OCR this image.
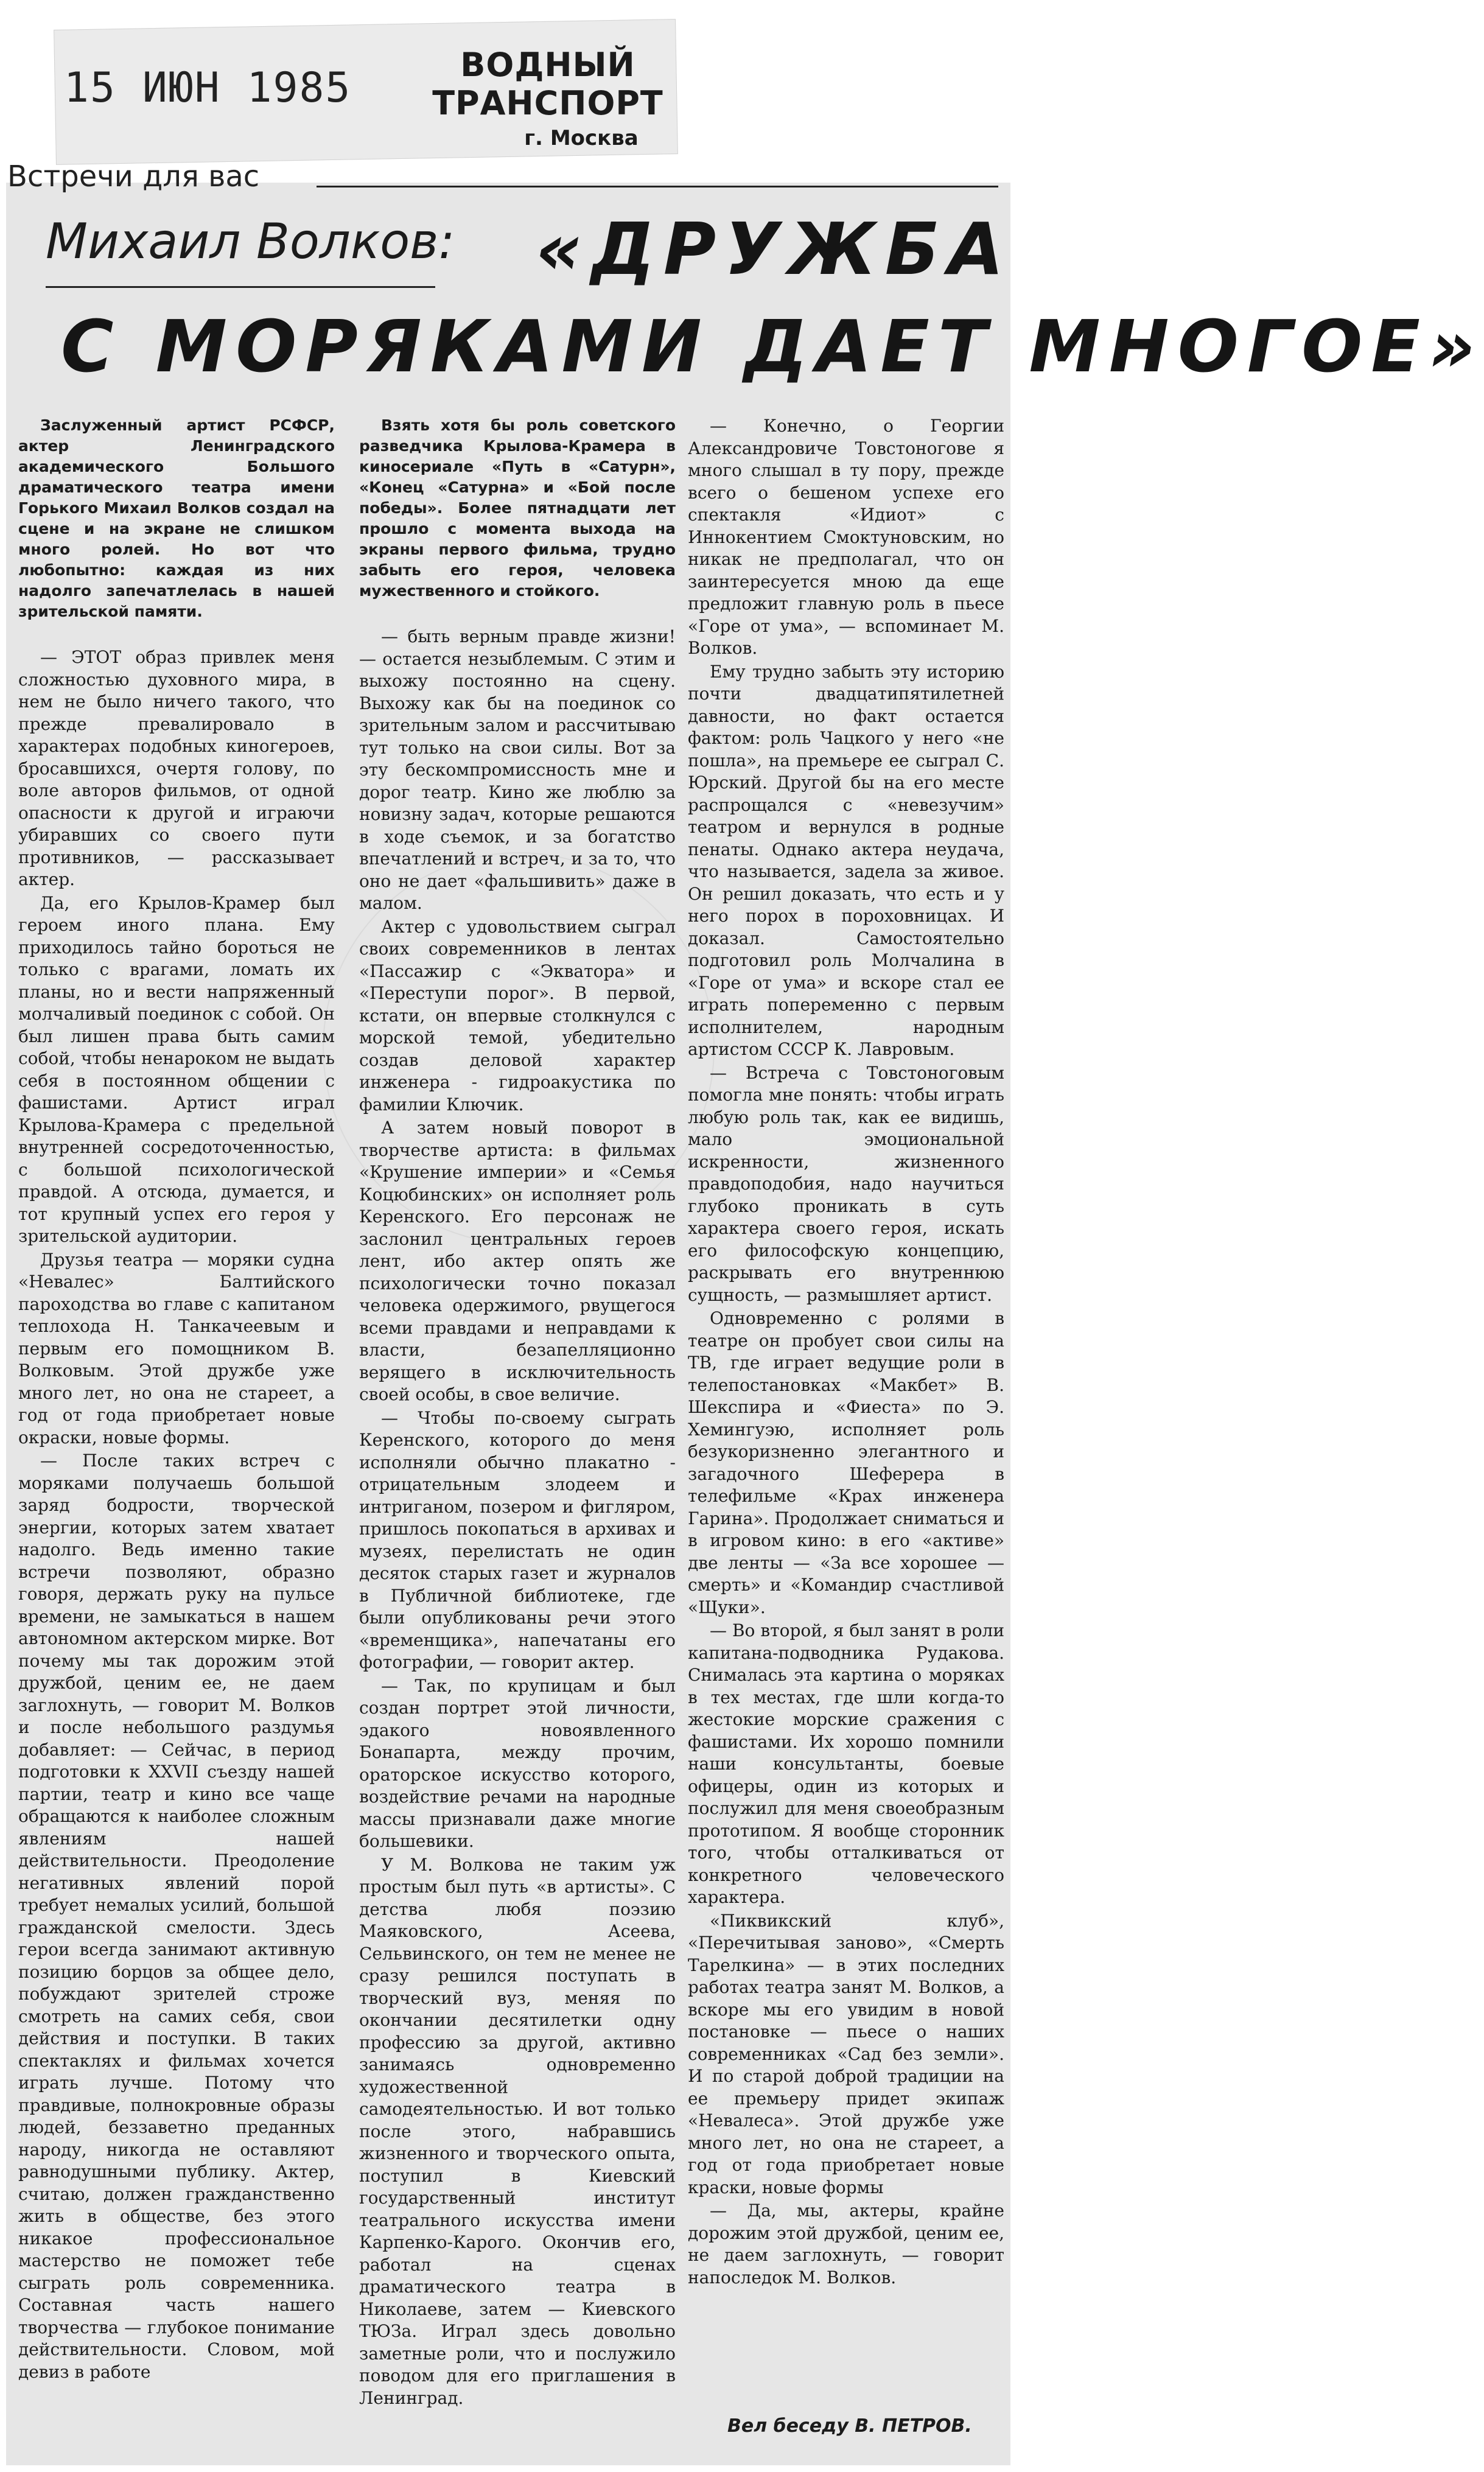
15 ИЮН 1985	ВОДНЫЙ ТРАНСПОРТ
г. Москва
Встречи для вас
Михаил Волков: «ДРУЖБА
С МОРЯКАМИ ДАЕТ МНОГОЕ»

Заслуженный артист РСФСР, актер Ленинградского академического Большого драматического театра имени Горького Михаил Волков создал на сцене и на экране не слишком много ролей. Но вот что любопытно: каждая из них надолго запечатлелась в нашей зрительской памяти.

— ЭТОТ образ привлек меня сложностью духовного мира, в нем не было ничего такого, что прежде превалировало в характерах подобных киногероев, бросавшихся, очертя голову, по воле авторов фильмов, от одной опасности к другой и играючи убиравших со своего пути противников, — рассказывает актер.

Да, его Крылов-Крамер был героем иного плана. Ему приходилось тайно бороться не только с врагами, ломать их планы, но и вести напряженный молчаливый поединок с собой. Он был лишен права быть самим собой, чтобы ненароком не выдать себя в постоянном общении с фашистами. Артист играл Крылова-Крамера с предельной внутренней сосредоточенностью, с большой психологической правдой. А отсюда, думается, и тот крупный успех его героя у зрительской аудитории.

Друзья театра — моряки судна «Невалес» Балтийского пароходства во главе с капитаном теплохода Н. Танкачеевым и первым его помощником В. Волковым. Этой дружбе уже много лет, но она не стареет, а год от года приобретает новые окраски, новые формы.

— После таких встреч с моряками получаешь большой заряд бодрости, творческой энергии, которых затем хватает надолго. Ведь именно такие встречи позволяют, образно говоря, держать руку на пульсе времени, не замыкаться в нашем автономном актерском мирке. Вот почему мы так дорожим этой дружбой, ценим ее, не даем заглохнуть, — говорит М. Волков и после небольшого раздумья добавляет: — Сейчас, в период подготовки к XXVII съезду нашей партии, театр и кино все чаще обращаются к наиболее сложным явлениям нашей действительности. Преодоление негативных явлений порой требует немалых усилий, большой гражданской смелости. Здесь герои всегда занимают активную позицию борцов за общее дело, побуждают зрителей строже смотреть на самих себя, свои действия и поступки. В таких спектаклях и фильмах хочется играть лучше. Потому что правдивые, полнокровные образы людей, беззаветно преданных народу, никогда не оставляют равнодушными публику. Актер, считаю, должен гражданственно жить в обществе, без этого никакое профессиональное мастерство не поможет тебе сыграть роль современника. Составная часть нашего творчества — глубокое понимание действительности. Словом, мой девиз в работе

Взять хотя бы роль советского разведчика Крылова-Крамера в киносериале «Путь в «Сатурн», «Конец «Сатурна» и «Бой после победы». Более пятнадцати лет прошло с момента выхода на экраны первого фильма, трудно забыть его героя, человека мужественного и стойкого.

— быть верным правде жизни! — остается незыблемым. С этим и выхожу постоянно на сцену. Выхожу как бы на поединок со зрительным залом и рассчитываю тут только на свои силы. Вот за эту бескомпромиссность мне и дорог театр. Кино же люблю за новизну задач, которые решаются в ходе съемок, и за богатство впечатлений и встреч, и за то, что оно не дает «фальшивить» даже в малом.

Актер с удовольствием сыграл своих современников в лентах «Пассажир с «Экватора» и «Переступи порог». В первой, кстати, он впервые столкнулся с морской темой, убедительно создав деловой характер инженера - гидроакустика по фамилии Ключик.

А затем новый поворот в творчестве артиста: в фильмах «Крушение империи» и «Семья Коцюбинских» он исполняет роль Керенского. Его персонаж не заслонил центральных героев лент, ибо актер опять же психологически точно показал человека одержимого, рвущегося всеми правдами и неправдами к власти, безапелляционно верящего в исключительность своей особы, в свое величие.

— Чтобы по-своему сыграть Керенского, которого до меня исполняли обычно плакатно - отрицательным злодеем и интриганом, позером и фигляром, пришлось покопаться в архивах и музеях, перелистать не один десяток старых газет и журналов в Публичной библиотеке, где были опубликованы речи этого «временщика», напечатаны его фотографии, — говорит актер.

— Так, по крупицам и был создан портрет этой личности, эдакого новоявленного Бонапарта, между прочим, ораторское искусство которого, воздействие речами на народные массы признавали даже многие большевики.

У М. Волкова не таким уж простым был путь «в артисты». С детства любя поэзию Маяковского, Асеева, Сельвинского, он тем не менее не сразу решился поступать в творческий вуз, меняя по окончании десятилетки одну профессию за другой, активно занимаясь одновременно художественной самодеятельностью. И вот только после этого, набравшись жизненного и творческого опыта, поступил в Киевский государственный институт театрального искусства имени Карпенко-Карого. Окончив его, работал на сценах драматического театра в Николаеве, затем — Киевского ТЮЗа. Играл здесь довольно заметные роли, что и послужило поводом для его приглашения в Ленинград.

— Конечно, о Георгии Александровиче Товстоногове я много слышал в ту пору, прежде всего о бешеном успехе его спектакля «Идиот» с Иннокентием Смоктуновским, но никак не предполагал, что он заинтересуется мною да еще предложит главную роль в пьесе «Горе от ума», — вспоминает М. Волков.

Ему трудно забыть эту историю почти двадцатипятилетней давности, но факт остается фактом: роль Чацкого у него «не пошла», на премьере ее сыграл С. Юрский. Другой бы на его месте распрощался с «невезучим» театром и вернулся в родные пенаты. Однако актера неудача, что называется, задела за живое. Он решил доказать, что есть и у него порох в пороховницах. И доказал. Самостоятельно подготовил роль Молчалина в «Горе от ума» и вскоре стал ее играть попеременно с первым исполнителем, народным артистом СССР К. Лавровым.

— Встреча с Товстоноговым помогла мне понять: чтобы играть любую роль так, как ее видишь, мало эмоциональной искренности, жизненного правдоподобия, надо научиться глубоко проникать в суть характера своего героя, искать его философскую концепцию, раскрывать его внутреннюю сущность, — размышляет артист.

Одновременно с ролями в театре он пробует свои силы на ТВ, где играет ведущие роли в телепостановках «Макбет» В. Шекспира и «Фиеста» по Э. Хемингуэю, исполняет роль безукоризненно элегантного и загадочного Шеферера в телефильме «Крах инженера Гарина». Продолжает сниматься и в игровом кино: в его «активе» две ленты — «За все хорошее — смерть» и «Командир счастливой «Щуки».

— Во второй, я был занят в роли капитана-подводника Рудакова. Снималась эта картина о моряках в тех местах, где шли когда-то жестокие морские сражения с фашистами. Их хорошо помнили наши консультанты, боевые офицеры, один из которых и послужил для меня своеобразным прототипом. Я вообще сторонник того, чтобы отталкиваться от конкретного человеческого характера.

«Пиквикский клуб», «Перечитывая заново», «Смерть Тарелкина» — в этих последних работах театра занят М. Волков, а вскоре мы его увидим в новой постановке — пьесе о наших современниках «Сад без земли». И по старой доброй традиции на ее премьеру придет экипаж «Невалеса». Этой дружбе уже много лет, но она не стареет, а год от года приобретает новые краски, новые формы

— Да, мы, актеры, крайне дорожим этой дружбой, ценим ее, не даем заглохнуть, — говорит напоследок М. Волков.

Вел беседу В. ПЕТРОВ.
